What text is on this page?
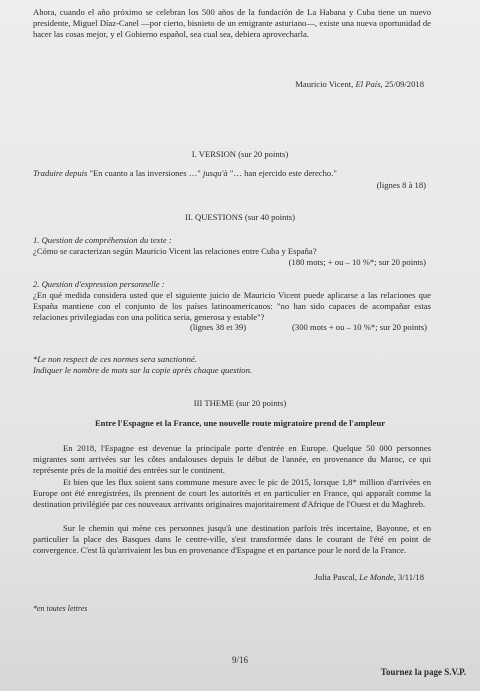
Ahora, cuando el año próximo se celebran los 500 años de la fundación de La Habana y Cuba tiene un nuevo presidente, Miguel Díaz-Canel —por cierto, bisnieto de un emigrante asturiano—, existe una nueva oportunidad de hacer las cosas mejor, y el Gobierno español, sea cual sea, debiera aprovecharla.
Mauricio Vicent, El País, 25/09/2018
I. VERSION (sur 20 points)
Traduire depuis "En cuanto a las inversiones …" jusqu'à "… han ejercido este derecho."
(lignes 8 à 18)
II. QUESTIONS (sur 40 points)
1. Question de compréhension du texte :
¿Cómo se caracterizan según Mauricio Vicent las relaciones entre Cuba y España?
(180 mots; + ou – 10 %*; sur 20 points)
2. Question d'expression personnelle :
¿En qué medida considera usted que el siguiente juicio de Mauricio Vicent puede aplicarse a las relaciones que España mantiene con el conjunto de los países latinoamericanos: "no han sido capaces de acompañar estas relaciones privilegiadas con una política seria, generosa y estable"?
(lignes 38 et 39)	(300 mots + ou – 10 %*; sur 20 points)
*Le non respect de ces normes sera sanctionné.
Indiquer le nombre de mots sur la copie après chaque question.
III THEME (sur 20 points)
Entre l'Espagne et la France, une nouvelle route migratoire prend de l'ampleur
En 2018, l'Espagne est devenue la principale porte d'entrée en Europe. Quelque 50 000 personnes migrantes sont arrivées sur les côtes andalouses depuis le début de l'année, en provenance du Maroc, ce qui représente près de la moitié des entrées sur le continent.
Et bien que les flux soient sans commune mesure avec le pic de 2015, lorsque 1,8* million d'arrivées en Europe ont été enregistrées, ils prennent de court les autorités et en particulier en France, qui apparaît comme la destination privilégiée par ces nouveaux arrivants originaires majoritairement d'Afrique de l'Ouest et du Maghreb.
Sur le chemin qui mène ces personnes jusqu'à une destination parfois très incertaine, Bayonne, et en particulier la place des Basques dans le centre-ville, s'est transformée dans le courant de l'été en point de convergence. C'est là qu'arrivaient les bus en provenance d'Espagne et en partance pour le nord de la France.
Julia Pascal, Le Monde, 3/11/18
*en toutes lettres
9/16
Tournez la page S.V.P.
